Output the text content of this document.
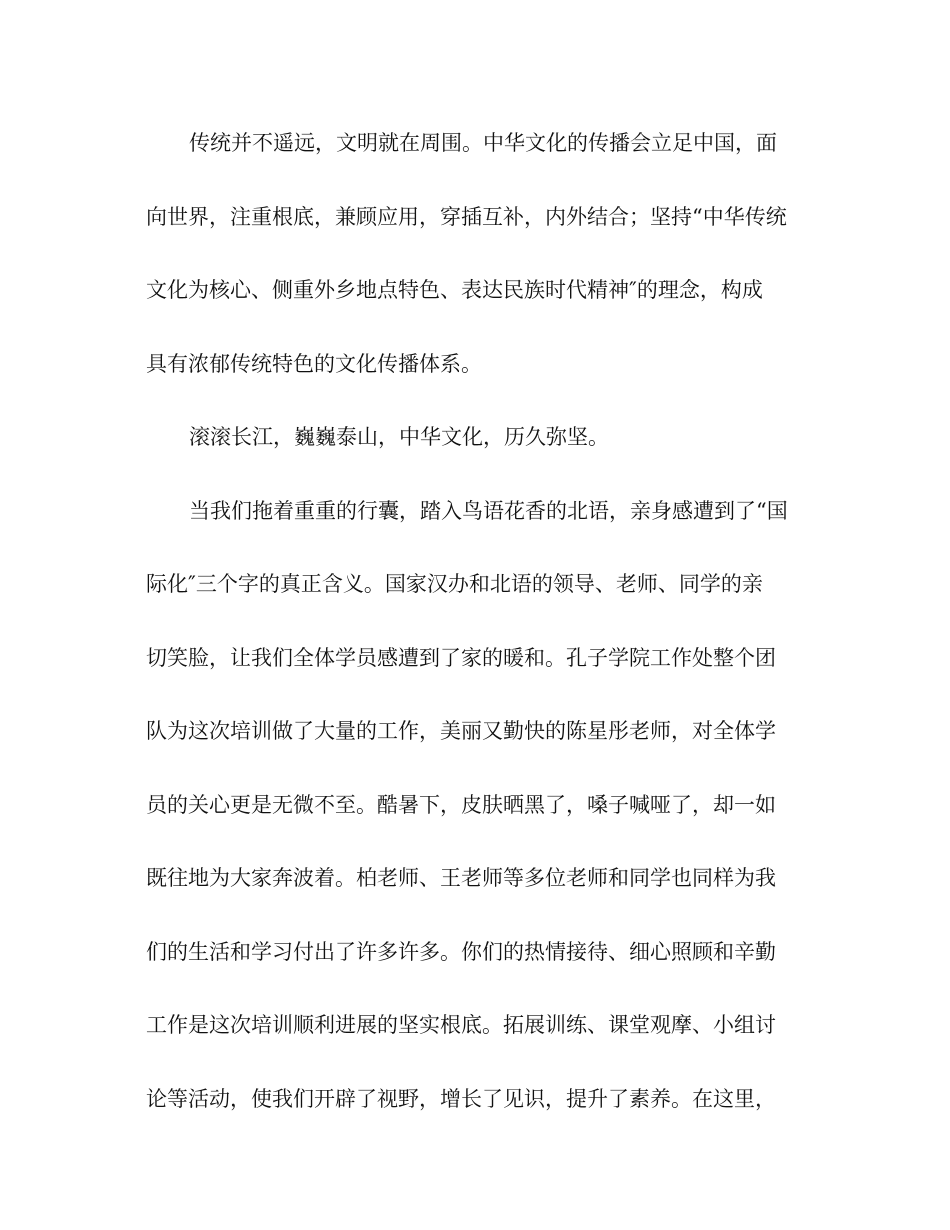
传统并不遥远，文明就在周围。中华文化的传播会立足中国，面
向世界，注重根底，兼顾应用，穿插互补，内外结合；坚持“中华传统
文化为核心、侧重外乡地点特色、表达民族时代精神″的理念，构成
具有浓郁传统特色的文化传播体系。
滚滚长江，巍巍泰山，中华文化，历久弥坚。
当我们拖着重重的行囊，踏入鸟语花香的北语，亲身感遭到了“国
际化″三个字的真正含义。国家汉办和北语的领导、老师、同学的亲
切笑脸，让我们全体学员感遭到了家的暖和。孔子学院工作处整个团
队为这次培训做了大量的工作，美丽又勤快的陈星彤老师，对全体学
员的关心更是无微不至。酷暑下，皮肤晒黑了，嗓子喊哑了，却一如
既往地为大家奔波着。柏老师、王老师等多位老师和同学也同样为我
们的生活和学习付出了许多许多。你们的热情接待、细心照顾和辛勤
工作是这次培训顺利进展的坚实根底。拓展训练、课堂观摩、小组讨
论等活动，使我们开辟了视野，增长了见识，提升了素养。在这里，
